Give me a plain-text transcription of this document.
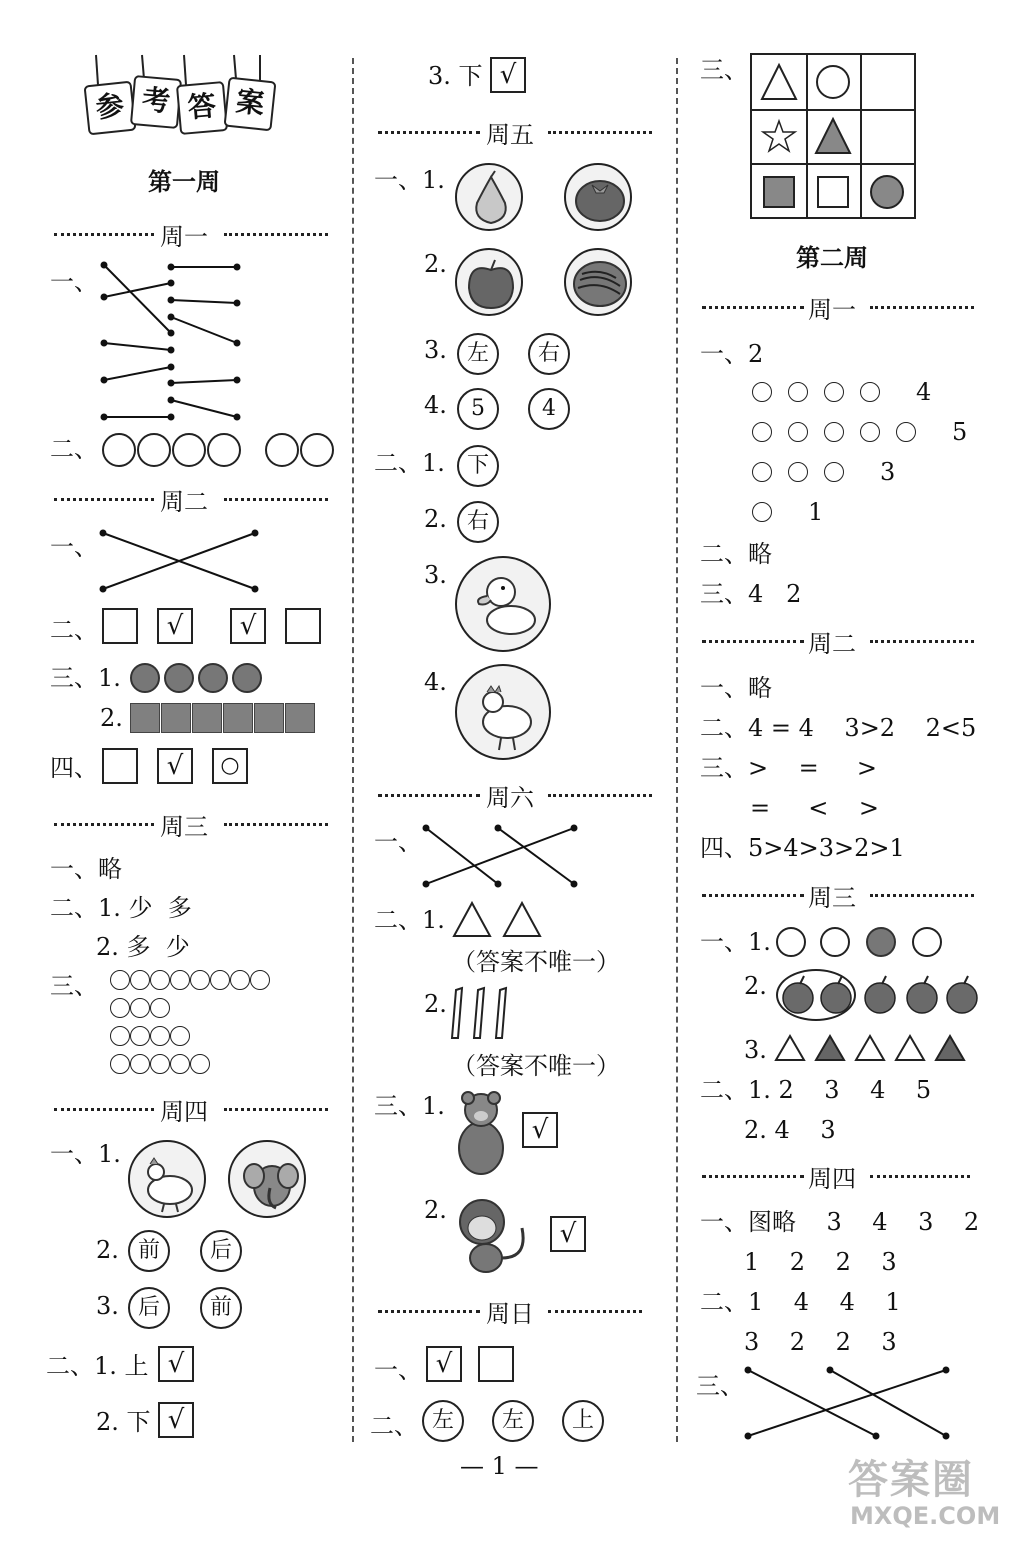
参 考 答 案
第一周
周一
一、
二、
周二
一、
二、	√	√
三、1.
2.
四、	√	○
周三
一、略
二、1. 少  多
2. 多  少
三、
周四
一、1.
2. 前	后
3. 后	前
二、1. 上 √
2. 下 √
3. 下 √
周五
一、1.
2.
3. 左	右
4.	5	4
二、1.	下
2. 右
3.
4.
周六
一、
二、1.
（答案不唯一）
2.
（答案不唯一）
三、1.
√
2.
√
周日
一、 √
二、 左	左	上
— 1 —
三、
第二周
周一
一、2
4
5
3
1
二、略
三、4   2
周二
一、略
二、4 = 4    3>2    2<5
三、>    =     >
=     <    >
四、5>4>3>2>1
周三
一、1.
2.
3.
二、1. 2    3    4    5
2. 4    3
周四
一、图略    3    4    3    2
1    2    2    3
二、1    4    4    1
3    2    2    3
三、
答案圈
MXQE.COM
